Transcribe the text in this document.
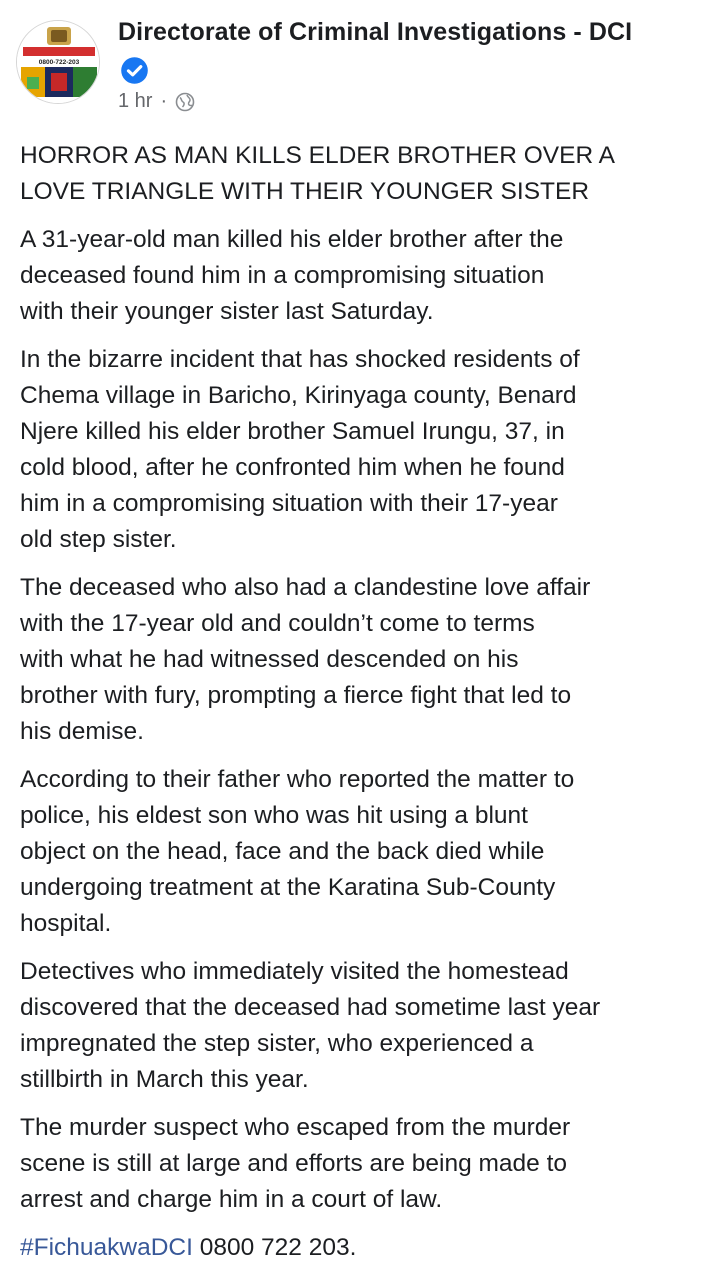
0800-722-203
Directorate of Criminal Investigations - DCI
1 hr ·

HORROR AS MAN KILLS ELDER BROTHER OVER A
LOVE TRIANGLE WITH THEIR YOUNGER SISTER

A 31-year-old man killed his elder brother after the
deceased found him in a compromising situation
with their younger sister last Saturday.

In the bizarre incident that has shocked residents of
Chema village in Baricho, Kirinyaga county, Benard
Njere killed his elder brother Samuel Irungu, 37, in
cold blood, after he confronted him when he found
him in a compromising situation with their 17-year
old step sister.

The deceased who also had a clandestine love affair
with the 17-year old and couldn’t come to terms
with what he had witnessed descended on his
brother with fury, prompting a fierce fight that led to
his demise.

According to their father who reported the matter to
police, his eldest son who was hit using a blunt
object on the head, face and the back died while
undergoing treatment at the Karatina Sub-County
hospital.

Detectives who immediately visited the homestead
discovered that the deceased had sometime last year
impregnated the step sister, who experienced a
stillbirth in March this year.

The murder suspect who escaped from the murder
scene is still at large and efforts are being made to
arrest and charge him in a court of law.

#FichuakwaDCI 0800 722 203.
